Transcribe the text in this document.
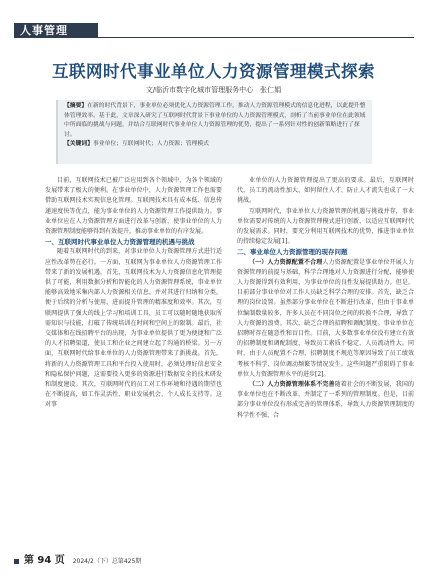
人事管理
互联网时代事业单位人力资源管理模式探索
文/临沂市数字化城市管理服务中心　张仁娟
【摘要】在新的时代背景下，事业单位必须优化人力资源管理工作，推动人力资源管理模式的信息化进程，以此提升整体管理效率。基于此，文章深入研究了互联网时代背景下事业单位的人力资源管理模式，剖析了当前事业单位在此领域中所面临的挑战与问题，并结合互联网时代事业单位人力资源管理的优势，提出了一系列针对性的创新策略进行了探讨。
【关键词】事业单位；互联网时代；人力资源；管理模式

目前，互联网技术已被广泛应用到各个领域中，为各个领域的发展带来了极大的便利。在事业单位中，人力资源管理工作也需要借助互联网技术实现信息化管理。互联网技术具有成本低、信息传递速度快等优点，能为事业单位的人力资源管理工作提供助力。事业单位应在人力资源管理方面进行改革与创新，使事业单位的人力资源管理制度能够得到有效提升，推动事业单位的有序发展。

一、互联网时代事业单位人力资源管理的机遇与挑战

随着互联网时代的到来，对事业单位人力资源管理方式进行适应性改革势在必行。一方面，互联网为事业单位人力资源管理工作带来了新的发展机遇。首先，互联网技术为人力资源信息化管理提供了可能，利用数据分析和智能化的人力资源管理系统，事业单位能够高效地采集内部人力资源相关信息，并对其进行归纳和分类，便于后续的分析与使用，进而提升管理的精准度和效率。其次，互联网提供了强大的线上学习和培训工具，员工可以随时随地获取所需知识与技能，打破了传统培训在时间和空间上的限制。最后，社交媒体和在线招聘平台的出现，为事业单位提供了更为便捷和广泛的人才招聘渠道，使员工和企业之间建立起了沟通的桥梁。另一方面，互联网时代给事业单位的人力资源管理带来了新挑战。首先，将新的人力资源管理工具和平台投入使用时，必须处理好信息安全和隐私保护问题，这需要投入更多的资源进行数据安全的技术研发和制度建设。其次，互联网时代的员工对工作环境和待遇的期望也在不断提高，如工作灵活性、职业发展机会、个人成长支持等。这对事

业单位的人力资源管理提出了更高的要求。最后，互联网时代，员工的流动性加大，如何留住人才、防止人才流失也成了一大挑战。

互联网时代，事业单位人力资源管理的机遇与挑战并存，事业单位需要对传统的人力资源管理模式进行创新，以适应互联网时代的发展需求。同时，要充分利用互联网技术的优势，推进事业单位的持续稳定发展[1]。

二、事业单位人力资源管理的现存问题

（一）人力资源配置不合理人力资源配置是事业单位开展人力资源管理的前提与基础，科学合理地对人力资源进行分配，能够使人力资源得到有效利用，为事业单位的良性发展提供助力。但是，目前部分事业单位对工作人员缺乏科学合理的安排。首先，缺乏合理的岗位设置。虽然部分事业单位在不断进行改革，但由于事业单位编制数量较多，许多人员在不同岗位之间的转换不合理，导致了人力资源的浪费。其次，缺乏合理的招聘和调配制度。事业单位在招聘时存在随意性和盲目性。目前，大多数事业单位没有建立有效的招聘制度和调配制度，导致员工素质不稳定、人员流动性大。同时，由于人员配置不合理，招聘制度不规范等原因导致了员工绩效考核不科学、岗位调动频繁等情况发生。这些问题严重阻碍了事业单位人力资源管理水平的进步[2]。

（二）人力资源管理体系不完善随着社会的不断发展，我国的事业单位也在不断改革，并制定了一系列的管理制度。但是，目前部分事业单位没有形成完善的管理体系，导致人力资源管理制度的科学性不强、合

第 94 页 2024/2（下）总第425期
